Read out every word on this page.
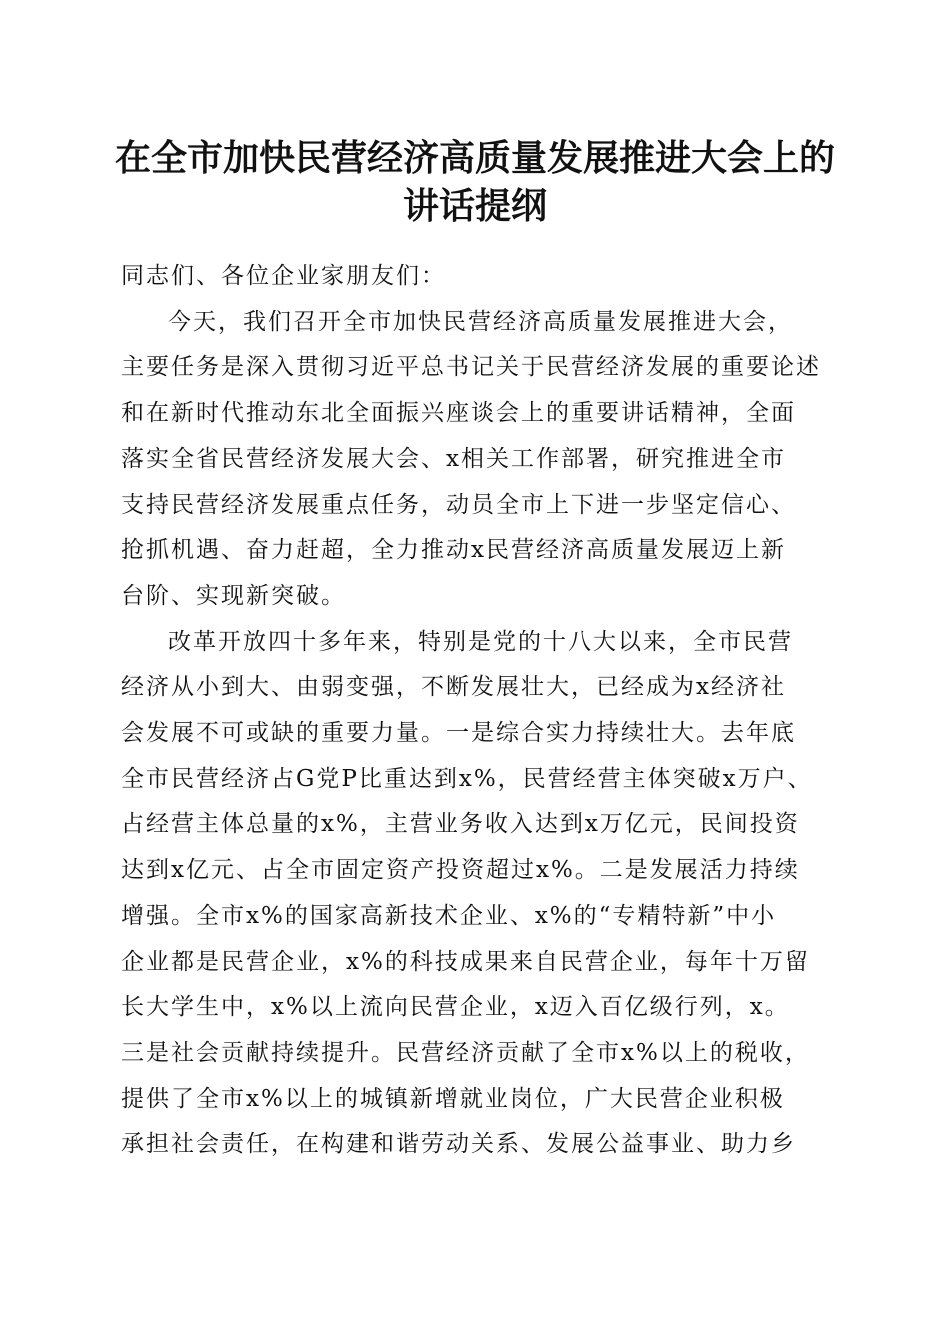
在全市加快民营经济高质量发展推进大会上的
讲话提纲
同志们、各位企业家朋友们：
今天，我们召开全市加快民营经济高质量发展推进大会，
主要任务是深入贯彻习近平总书记关于民营经济发展的重要论述
和在新时代推动东北全面振兴座谈会上的重要讲话精神，全面
落实全省民营经济发展大会、x相关工作部署，研究推进全市
支持民营经济发展重点任务，动员全市上下进一步坚定信心、
抢抓机遇、奋力赶超，全力推动x民营经济高质量发展迈上新
台阶、实现新突破。
改革开放四十多年来，特别是党的十八大以来，全市民营
经济从小到大、由弱变强，不断发展壮大，已经成为x经济社
会发展不可或缺的重要力量。一是综合实力持续壮大。去年底
全市民营经济占G党P比重达到x%，民营经营主体突破x万户、
占经营主体总量的x%，主营业务收入达到x万亿元，民间投资
达到x亿元、占全市固定资产投资超过x%。二是发展活力持续
增强。全市x%的国家高新技术企业、x%的“专精特新”中小
企业都是民营企业，x%的科技成果来自民营企业，每年十万留
长大学生中，x%以上流向民营企业，x迈入百亿级行列，x。
三是社会贡献持续提升。民营经济贡献了全市x%以上的税收，
提供了全市x%以上的城镇新增就业岗位，广大民营企业积极
承担社会责任，在构建和谐劳动关系、发展公益事业、助力乡
